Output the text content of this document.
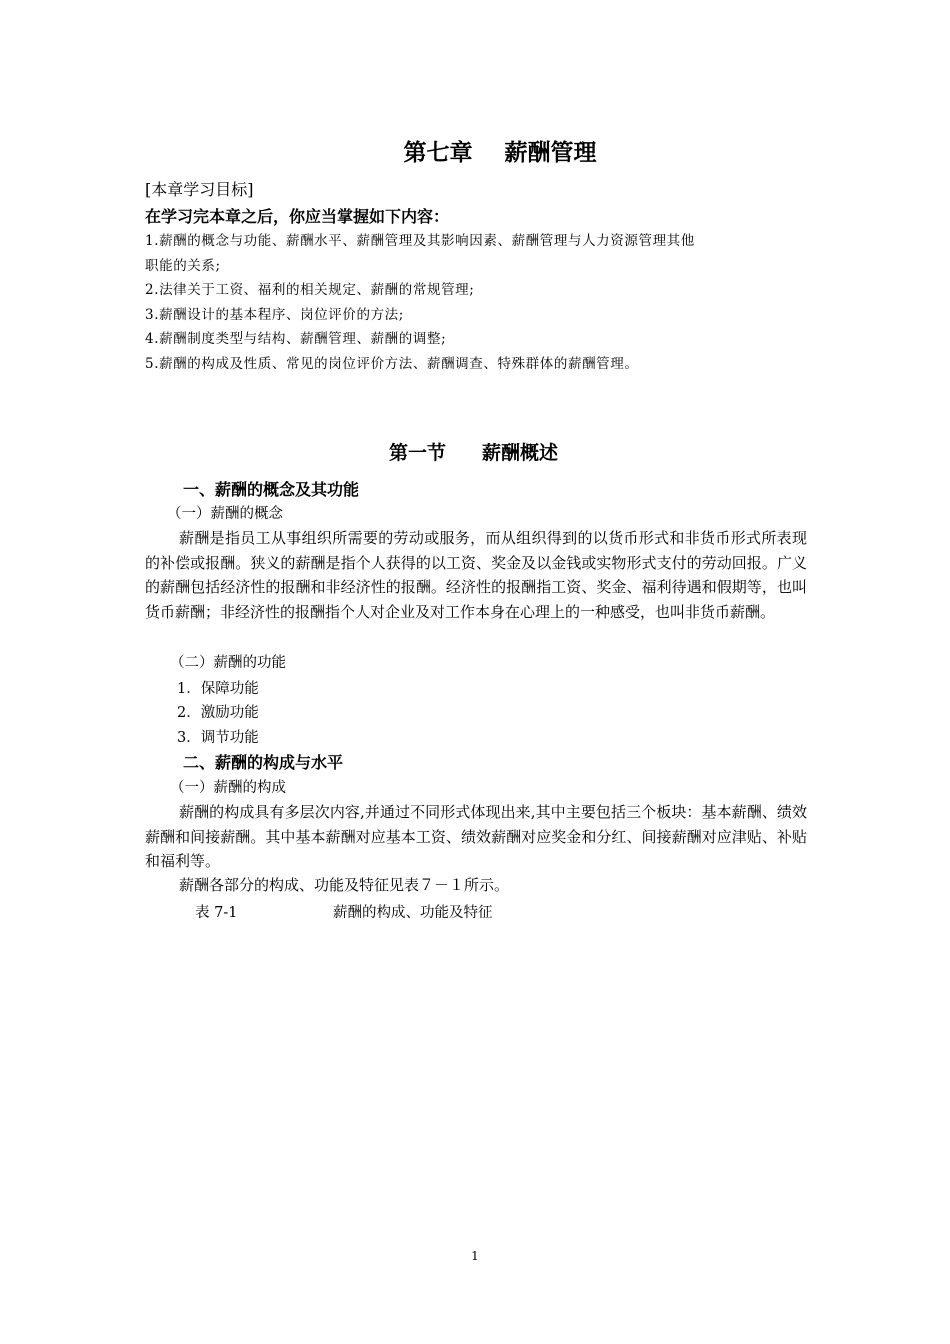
第七章 薪酬管理
[本章学习目标]
在学习完本章之后，你应当掌握如下内容：
1.薪酬的概念与功能、薪酬水平、薪酬管理及其影响因素、薪酬管理与人力资源管理其他
职能的关系;
2.法律关于工资、福利的相关规定、薪酬的常规管理;
3.薪酬设计的基本程序、岗位评价的方法;
4.薪酬制度类型与结构、薪酬管理、薪酬的调整;
5.薪酬的构成及性质、常见的岗位评价方法、薪酬调查、特殊群体的薪酬管理。
第一节 薪酬概述
一、薪酬的概念及其功能
（一）薪酬的概念
薪酬是指员工从事组织所需要的劳动或服务，而从组织得到的以货币形式和非货币形式所表现的补偿或报酬。狭义的薪酬是指个人获得的以工资、奖金及以金钱或实物形式支付的劳动回报。广义的薪酬包括经济性的报酬和非经济性的报酬。经济性的报酬指工资、奖金、福利待遇和假期等，也叫货币薪酬；非经济性的报酬指个人对企业及对工作本身在心理上的一种感受，也叫非货币薪酬。
（二）薪酬的功能
1．保障功能
2．激励功能
3．调节功能
二、薪酬的构成与水平
（一）薪酬的构成
薪酬的构成具有多层次内容,并通过不同形式体现出来,其中主要包括三个板块：基本薪酬、绩效薪酬和间接薪酬。其中基本薪酬对应基本工资、绩效薪酬对应奖金和分红、间接薪酬对应津贴、补贴和福利等。
薪酬各部分的构成、功能及特征见表７－１所示。
表 7-1	薪酬的构成、功能及特征
1
